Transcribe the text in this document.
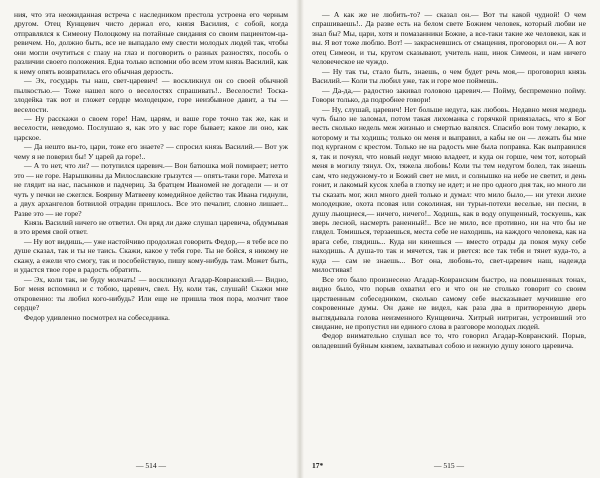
ния, что эта неожиданная встреча с наследником престола устроена его черным другом. Отец Кунщевич чисто держал его, князя Василия, с собой, когда отправлялся к Симеону Полоцкому на потайные свидания со своим пациентом-царевичем. Но, должно быть, все не выпадало ему свести молодых людей так, чтобы они могли очутиться с глазу на глаз и поговорить о разных разностях, пособь о различии своего положения. Една только вспомни обо всем этом князь Василий, как к нему опять возвратилась его обычная дерзость.

— Эх, государь ты наш, свет-царевич! — воскликнул он со своей обычной пылкостью.— Тоже нашел кого о веселостях спрашивать!.. Веселости! Тоска-злодейка так вот и гложет сердце молодецкое, горе неизбывное давит, а ты — веселости.

— Ну расскажи о своем горе! Нам, царям, и ваше горе точно так же, как и веселости, неведомо. Послушаю я, как это у вас горе бывает; какое ли оно, как царское.

— Да нешто вы-то, цари, тоже его знаете? — спросил князь Василий.— Вот уж чему я не поверил бы! У царей да горе!..

— А то нет, что ли? — потупился царевич.— Вон батюшка мой помирает; нетто это — не горе. Нарышкины да Милославские грызутся — опять-таки горе. Матеха и не глядит на нас, пасынков и падчериц. За братцем Иваномей не догадели — и от чуть у печки не сжеглся. Боярину Матвееву комедийное действо так Ивана гиднули, а двух архангелов ботвилой отрадин пришлось. Все это печалит, словно лишает... Разве это — не горе?

Князь Василий ничего не ответил. Он вряд ли даже слушал царевича, обдумывая в это время свой ответ.

— Ну вот видишь,— уже настойчиво продолжал говорить Федор,— я тебе все по душе сказал, так и ты не таись. Скажи, какое у тебя горе. Ты не бойся, я никому не скажу, а ежели что смогу, так и пособействую, пишу кому-нибудь там. Может быть, и удастся твое горе в радость обратить.

— Эх, коли так, не буду молчать! — воскликнул Агадар-Ковранский.— Видно, Бог меня вспомнил и с тобою, царевич, свел. Ну, коли так, слушай! Скажи мне откровенно: ты любил кого-нибудь? Или еще не пришла твоя пора, молчит твое сердце?

Федор удивленно посмотрел на собеседника.

— 514 —

— А как же не любить-то? — сказал он.— Вот ты какой чудной! О чем спрашиваешь!.. Да разве есть на белом свете Божием человек, который любви не знал бы? Мы, цари, хотя и помазанники Божие, а все-таки такие же человеки, как и вы. Я вот тоже люблю. Вот! — закрасневшись от смащения, проговорил он.— А вот отец Симеон, и ты, кругом сказывают, учитель наш, инок Симеон, и нам ничего человеческое не чуждо.

— Ну так ты, стало быть, знаешь, о чем будет речь моя,— проговорил князь Василий.— Коли ты любил уже, так и горе мое поймешь.

— Да-да,— радостно закивал головою царевич.— Пойму, беспременно пойму. Говори только, да подробнее говори!

— Ну, слушай, царевич! Нет больше недуга, как любовь. Недавно меня медведь чуть было не заломал, потом такая лихоманка с горячкой привязалась, что я Бог весть сколько недель меж жизнью и смертью валялся. Спасибо вон тому лекарю, к которому и ты ходишь; только он меня и выправил, а кабы не он — лежать бы мне под курганом с крестом. Только не на радость мне была поправка. Как выправился я, так и почуял, что новый недуг мною владеет, и куда он горше, чем тот, который меня в могилу тянул. Ох, тяжела любовь! Коли ты тем недугом болел, так знаешь сам, что недужному-то и Божий свет не мил, и солнышко на небе не светит, и день гонит, и лакомый кусок хлеба в глотку не идет; и не про одного дня так, но много ли ты сказать мог, жил много дней только и думал: что мило было,— ни утехи лихие молодецкие, охота псовая или соколиная, ни турьи-потехи веселые, ни песни, в душу льющиеся,— ничего, ничего!.. Ходишь, как в воду опущенный, тоскуешь, как зверь лесной, насмерть раненный!.. Все не мило, все противно, ни на что бы не глядел. Томишься, терзаешься, места себе не находишь, на каждого человека, как на врага себе, глядишь... Куда ни кинешься — вместо отрады да покоя муку себе находишь. А душа-то так и мячется, так и рвется: все так тебя и тянет куда-то, а куда — сам не знаешь... Вот она, любовь-то, свет-царевич наш, надежда милостивая!

Все это было произнесено Агадар-Ковранским быстро, на повышенных тонах, видно было, что порыв охватил его и что он не столько говорит со своим царственным собеседником, сколько самому себе высказывает мучившие его сокровенные думы. Он даже не видел, как раза два в притворенную дверь выглядывала голова неизменного Кунщевича. Хитрый интриган, устроивший это свидание, не пропустил ни единого слова в разговоре молодых людей.

Федор внимательно слушал все то, что говорил Агадар-Ковранский. Порыв, овладевший буйным князем, захватывал собою и нежную душу юного царевича.

17*	— 515 —
